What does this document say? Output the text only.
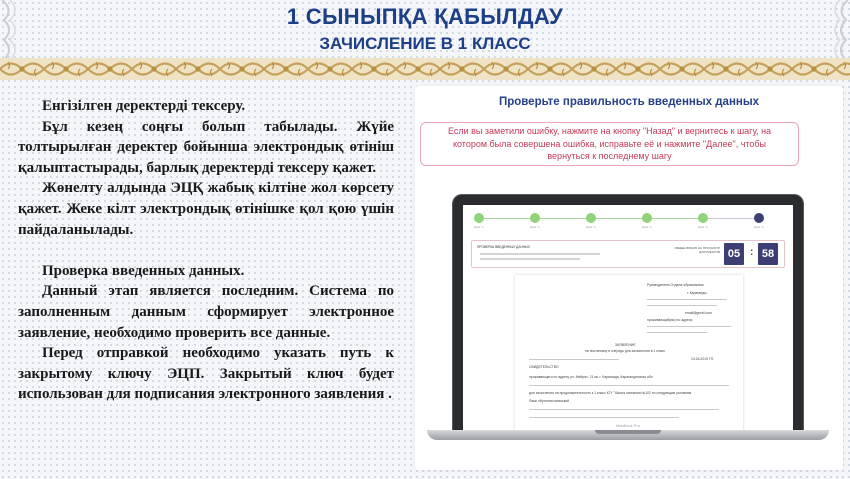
1 СЫНЫПҚА ҚАБЫЛДАУ
ЗАЧИСЛЕНИЕ В 1 КЛАСС

Енгізілген деректерді тексеру.

Бұл кезең соңғы болып табылады. Жүйе толтырылған деректер бойынша электрондық өтініш қалыптастырады, барлық деректерді тексеру қажет.

Жөнелту алдында ЭЦҚ жабық кілтіне жол көрсету қажет. Жеке кілт электрондық өтінішке қол қою үшін пайдаланылады.

Проверка введенных данных.

Данный этап является последним. Система по заполненным данным сформирует электронное заявление, необходимо проверить все данные.

Перед отправкой необходимо указать путь к закрытому ключу ЭЦП. Закрытый ключ будет использован для подписания электронного заявления .

Проверьте правильность введенных данных
Если вы заметили ошибку, нажмите на кнопку "Назад" и вернитесь к шагу, на котором была совершена ошибка, исправьте её и нажмите "Далее", чтобы вернуться к последнему шагу
ШАГ 1	ШАГ 2	ШАГ 3	ШАГ 4	ШАГ 5	ШАГ 6
ПРОВЕРКА ВВЕДЕННЫХ ДАННЫХ	ОБЩЕЕ ВРЕМЯ НА ПРОСМОТР ДОКУМЕНТОВ 05 : 58
Руководителю Отдела образования
г. Караганды
email@gmail.com
проживающий(ая) по адресу:
ЗАЯВЛЕНИЕ
на постановку в очередь для зачисления в 1 класс
13.04.2019 ГП.
СВИДЕТЕЛЬСТВО
проживающего по адресу ул. Мейрих, 21 кв. г. Караганда, Карагандинская обл.
для зачисления на продолжительность к 1 класс КГУ "Школа гимназия №102 по следующим условиям
Язык обучения казахский
MacBook Pro
